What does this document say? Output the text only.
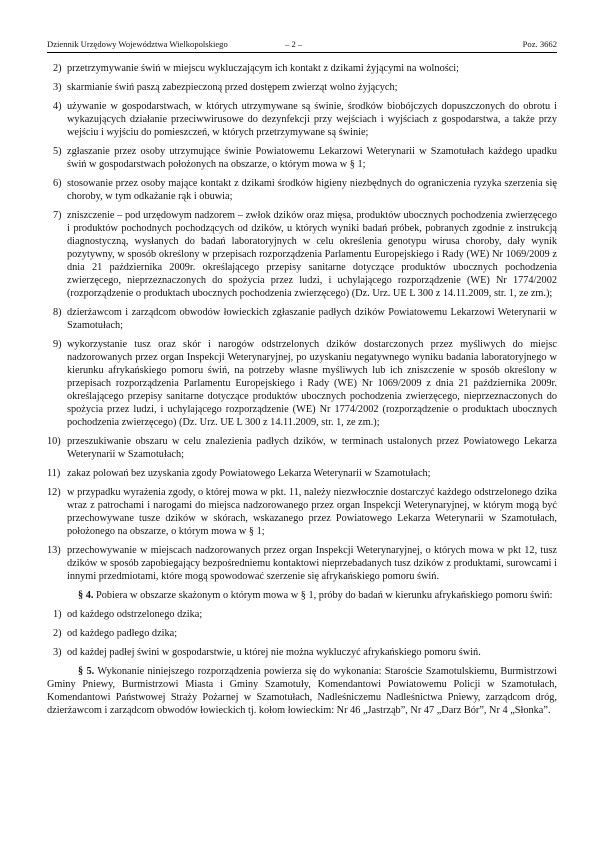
Dziennik Urzędowy Województwa Wielkopolskiego	– 2 –	Poz. 3662
2) przetrzymywanie świń w miejscu wykluczającym ich kontakt z dzikami żyjącymi na wolności;
3) skarmianie świń paszą zabezpieczoną przed dostępem zwierząt wolno żyjących;
4) używanie w gospodarstwach, w których utrzymywane są świnie, środków biobójczych dopuszczonych do obrotu i wykazujących działanie przeciwwirusowe do dezynfekcji przy wejściach i wyjściach z gospodarstwa, a także przy wejściu i wyjściu do pomieszczeń, w których przetrzymywane są świnie;
5) zgłaszanie przez osoby utrzymujące świnie Powiatowemu Lekarzowi Weterynarii w Szamotułach każdego upadku świń w gospodarstwach położonych na obszarze, o którym mowa w § 1;
6) stosowanie przez osoby mające kontakt z dzikami środków higieny niezbędnych do ograniczenia ryzyka szerzenia się choroby, w tym odkażanie rąk i obuwia;
7) zniszczenie – pod urzędowym nadzorem – zwłok dzików oraz mięsa, produktów ubocznych pochodzenia zwierzęcego i produktów pochodnych pochodzących od dzików, u których wyniki badań próbek, pobranych zgodnie z instrukcją diagnostyczną, wysłanych do badań laboratoryjnych w celu określenia genotypu wirusa choroby, dały wynik pozytywny, w sposób określony w przepisach rozporządzenia Parlamentu Europejskiego i Rady (WE) Nr 1069/2009 z dnia 21 października 2009r. określającego przepisy sanitarne dotyczące produktów ubocznych pochodzenia zwierzęcego, nieprzeznaczonych do spożycia przez ludzi, i uchylającego rozporządzenie (WE) Nr 1774/2002 (rozporządzenie o produktach ubocznych pochodzenia zwierzęcego) (Dz. Urz. UE L 300 z 14.11.2009, str. 1, ze zm.);
8) dzierżawcom i zarządcom obwodów łowieckich zgłaszanie padłych dzików Powiatowemu Lekarzowi Weterynarii w Szamotułach;
9) wykorzystanie tusz oraz skór i narogów odstrzelonych dzików dostarczonych przez myśliwych do miejsc nadzorowanych przez organ Inspekcji Weterynaryjnej, po uzyskaniu negatywnego wyniku badania laboratoryjnego w kierunku afrykańskiego pomoru świń, na potrzeby własne myśliwych lub ich zniszczenie w sposób określony w przepisach rozporządzenia Parlamentu Europejskiego i Rady (WE) Nr 1069/2009 z dnia 21 października 2009r. określającego przepisy sanitarne dotyczące produktów ubocznych pochodzenia zwierzęcego, nieprzeznaczonych do spożycia przez ludzi, i uchylającego rozporządzenie (WE) Nr 1774/2002 (rozporządzenie o produktach ubocznych pochodzenia zwierzęcego) (Dz. Urz. UE L 300 z 14.11.2009, str. 1, ze zm.);
10) przeszukiwanie obszaru w celu znalezienia padłych dzików, w terminach ustalonych przez Powiatowego Lekarza Weterynarii w Szamotułach;
11) zakaz polowań bez uzyskania zgody Powiatowego Lekarza Weterynarii w Szamotułach;
12) w przypadku wyrażenia zgody, o której mowa w pkt. 11, należy niezwłocznie dostarczyć każdego odstrzelonego dzika wraz z patrochami i narogami do miejsca nadzorowanego przez organ Inspekcji Weterynaryjnej, w którym mogą być przechowywane tusze dzików w skórach, wskazanego przez Powiatowego Lekarza Weterynarii w Szamotułach, położonego na obszarze, o którym mowa w § 1;
13) przechowywanie w miejscach nadzorowanych przez organ Inspekcji Weterynaryjnej, o których mowa w pkt 12, tusz dzików w sposób zapobiegający bezpośredniemu kontaktowi nieprzebadanych tusz dzików z produktami, surowcami i innymi przedmiotami, które mogą spowodować szerzenie się afrykańskiego pomoru świń.
§ 4. Pobiera w obszarze skażonym o którym mowa w § 1, próby do badań w kierunku afrykańskiego pomoru świń:
1) od każdego odstrzelonego dzika;
2) od każdego padłego dzika;
3) od każdej padłej świni w gospodarstwie, u której nie można wykluczyć afrykańskiego pomoru świń.
§ 5. Wykonanie niniejszego rozporządzenia powierza się do wykonania: Staroście Szamotulskiemu, Burmistrzowi Gminy Pniewy, Burmistrzowi Miasta i Gminy Szamotuły, Komendantowi Powiatowemu Policji w Szamotułach, Komendantowi Państwowej Straży Pożarnej w Szamotułach, Nadleśniczemu Nadleśnictwa Pniewy, zarządcom dróg, dzierżawcom i zarządcom obwodów łowieckich tj. kołom łowieckim: Nr 46 „Jastrząb”, Nr 47 „Darz Bór”, Nr 4 „Słonka”.
